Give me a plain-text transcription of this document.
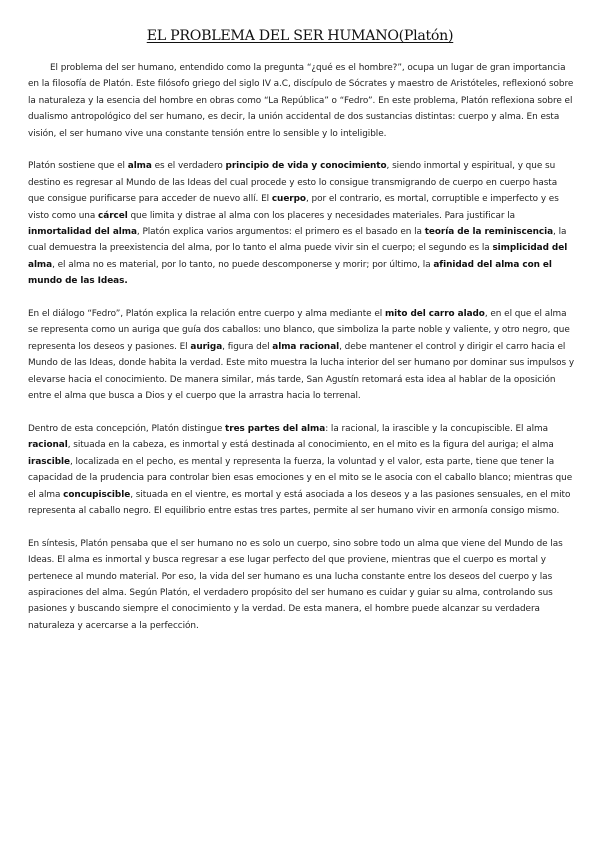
EL PROBLEMA DEL SER HUMANO(Platón)

El problema del ser humano, entendido como la pregunta “¿qué es el hombre?”, ocupa un lugar de gran importancia en la filosofía de Platón. Este filósofo griego del siglo IV a.C, discípulo de Sócrates y maestro de Aristóteles, reflexionó sobre la naturaleza y la esencia del hombre en obras como “La República” o “Fedro”. En este problema, Platón reflexiona sobre el dualismo antropológico del ser humano, es decir, la unión accidental de dos sustancias distintas: cuerpo y alma. En esta visión, el ser humano vive una constante tensión entre lo sensible y lo inteligible.

Platón sostiene que el alma es el verdadero principio de vida y conocimiento, siendo inmortal y espiritual, y que su destino es regresar al Mundo de las Ideas del cual procede y esto lo consigue transmigrando de cuerpo en cuerpo hasta que consigue purificarse para acceder de nuevo allí. El cuerpo, por el contrario, es mortal, corruptible e imperfecto y es visto como una cárcel que limita y distrae al alma con los placeres y necesidades materiales. Para justificar la inmortalidad del alma, Platón explica varios argumentos: el primero es el basado en la teoría de la reminiscencia, la cual demuestra la preexistencia del alma, por lo tanto el alma puede vivir sin el cuerpo; el segundo es la simplicidad del alma, el alma no es material, por lo tanto, no puede descomponerse y morir; por último, la afinidad del alma con el mundo de las Ideas.

En el diálogo “Fedro”, Platón explica la relación entre cuerpo y alma mediante el mito del carro alado, en el que el alma se representa como un auriga que guía dos caballos: uno blanco, que simboliza la parte noble y valiente, y otro negro, que representa los deseos y pasiones. El auriga, figura del alma racional, debe mantener el control y dirigir el carro hacia el Mundo de las Ideas, donde habita la verdad. Este mito muestra la lucha interior del ser humano por dominar sus impulsos y elevarse hacia el conocimiento. De manera similar, más tarde, San Agustín retomará esta idea al hablar de la oposición entre el alma que busca a Dios y el cuerpo que la arrastra hacia lo terrenal.

Dentro de esta concepción, Platón distingue tres partes del alma: la racional, la irascible y la concupiscible. El alma racional, situada en la cabeza, es inmortal y está destinada al conocimiento, en el mito es la figura del auriga; el alma irascible, localizada en el pecho, es mental y representa la fuerza, la voluntad y el valor, esta parte, tiene que tener la capacidad de la prudencia para controlar bien esas emociones y en el mito se le asocia con el caballo blanco; mientras que el alma concupiscible, situada en el vientre, es mortal y está asociada a los deseos y a las pasiones sensuales, en el mito representa al caballo negro. El equilibrio entre estas tres partes, permite al ser humano vivir en armonía consigo mismo.

En síntesis, Platón pensaba que el ser humano no es solo un cuerpo, sino sobre todo un alma que viene del Mundo de las Ideas. El alma es inmortal y busca regresar a ese lugar perfecto del que proviene, mientras que el cuerpo es mortal y pertenece al mundo material. Por eso, la vida del ser humano es una lucha constante entre los deseos del cuerpo y las aspiraciones del alma. Según Platón, el verdadero propósito del ser humano es cuidar y guiar su alma, controlando sus pasiones y buscando siempre el conocimiento y la verdad. De esta manera, el hombre puede alcanzar su verdadera naturaleza y acercarse a la perfección.
